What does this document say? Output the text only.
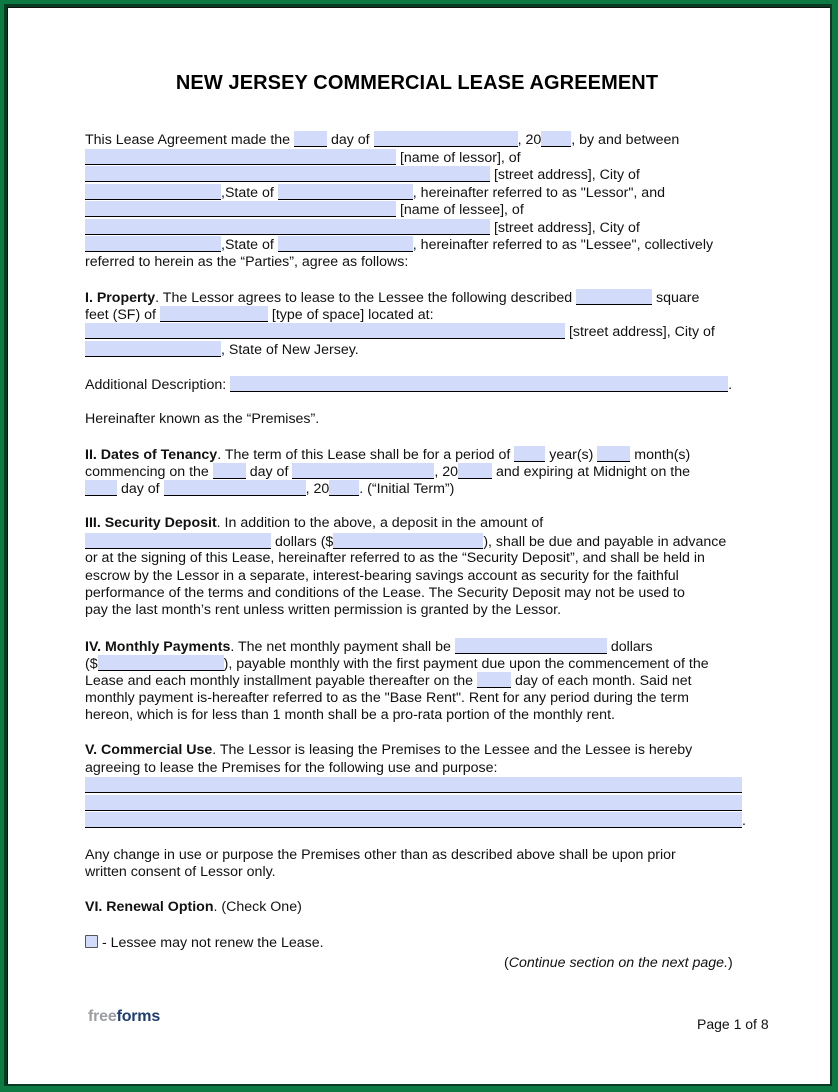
NEW JERSEY COMMERCIAL LEASE AGREEMENT
This Lease Agreement made the	day of	, 20 , by and between
[name of lessor], of
[street address], City of
,State of	, hereinafter referred to as "Lessor", and
[name of lessee], of
[street address], City of
,State of	, hereinafter referred to as "Lessee", collectively
referred to herein as the “Parties”, agree as follows:
I. Property. The Lessor agrees to lease to the Lessee the following described	square
feet (SF) of	[type of space] located at:
[street address], City of
, State of New Jersey.
Additional Description:	.
Hereinafter known as the “Premises”.
II. Dates of Tenancy. The term of this Lease shall be for a period of	year(s)	month(s)
commencing on the	day of	, 20	and expiring at Midnight on the
day of	, 20 . (“Initial Term”)
III. Security Deposit. In addition to the above, a deposit in the amount of
dollars ($	), shall be due and payable in advance
or at the signing of this Lease, hereinafter referred to as the “Security Deposit”, and shall be held in
escrow by the Lessor in a separate, interest-bearing savings account as security for the faithful
performance of the terms and conditions of the Lease. The Security Deposit may not be used to
pay the last month’s rent unless written permission is granted by the Lessor.
IV. Monthly Payments. The net monthly payment shall be	dollars
($	), payable monthly with the first payment due upon the commencement of the
Lease and each monthly installment payable thereafter on the	day of each month. Said net
monthly payment is-hereafter referred to as the "Base Rent". Rent for any period during the term
hereon, which is for less than 1 month shall be a pro-rata portion of the monthly rent.
V. Commercial Use. The Lessor is leasing the Premises to the Lessee and the Lessee is hereby
agreeing to lease the Premises for the following use and purpose:
.
Any change in use or purpose the Premises other than as described above shall be upon prior
written consent of Lessor only.
VI. Renewal Option. (Check One)
- Lessee may not renew the Lease.
(Continue section on the next page.)
freeforms	Page 1 of 8
